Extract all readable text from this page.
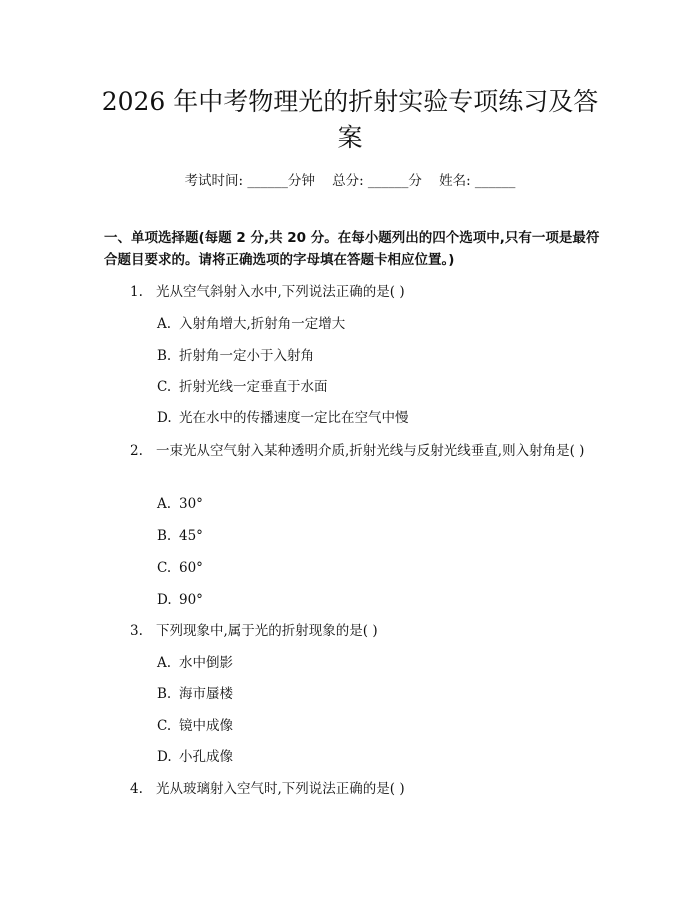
2026 年中考物理光的折射实验专项练习及答案
考试时间: ______分钟    总分: ______分    姓名: ______
一、单项选择题(每题 2 分,共 20 分。在每小题列出的四个选项中,只有一项是最符合题目要求的。请将正确选项的字母填在答题卡相应位置。)
1. 光从空气斜射入水中,下列说法正确的是( )
A. 入射角增大,折射角一定增大
B. 折射角一定小于入射角
C. 折射光线一定垂直于水面
D. 光在水中的传播速度一定比在空气中慢
2. 一束光从空气射入某种透明介质,折射光线与反射光线垂直,则入射角是( )
A. 30°
B. 45°
C. 60°
D. 90°
3. 下列现象中,属于光的折射现象的是( )
A. 水中倒影
B. 海市蜃楼
C. 镜中成像
D. 小孔成像
4. 光从玻璃射入空气时,下列说法正确的是( )
